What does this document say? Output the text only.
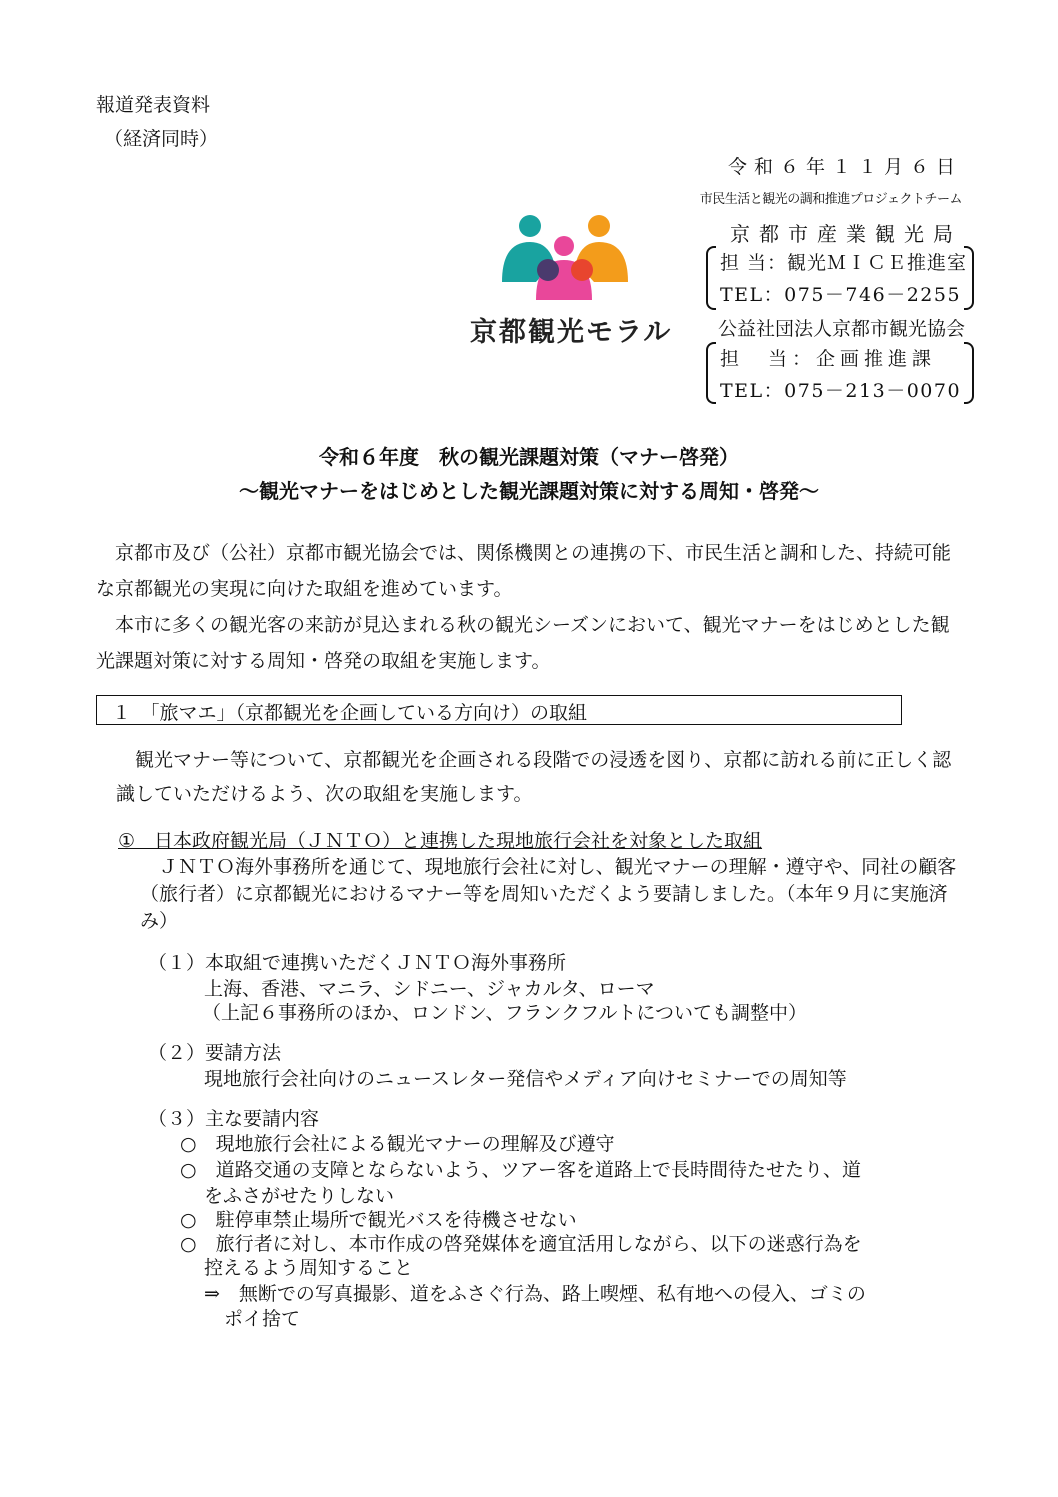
報道発表資料
（経済同時）
令和６年１１月６日
市民生活と観光の調和推進プロジェクトチーム
京都市産業観光局
担 当：観光ＭＩＣＥ推進室
TEL：075－746－2255
公益社団法人京都市観光協会
担　当：企画推進課
TEL：075－213－0070
京都観光モラル
令和６年度　秋の観光課題対策（マナー啓発）
～観光マナーをはじめとした観光課題対策に対する周知・啓発～
　京都市及び（公社）京都市観光協会では、関係機関との連携の下、市民生活と調和した、持続可能な京都観光の実現に向けた取組を進めています。
　本市に多くの観光客の来訪が見込まれる秋の観光シーズンにおいて、観光マナーをはじめとした観光課題対策に対する周知・啓発の取組を実施します。
１　「旅マエ」（京都観光を企画している方向け）の取組
　観光マナー等について、京都観光を企画される段階での浸透を図り、京都に訪れる前に正しく認識していただけるよう、次の取組を実施します。
①　日本政府観光局（ＪＮＴＯ）と連携した現地旅行会社を対象とした取組
　ＪＮＴＯ海外事務所を通じて、現地旅行会社に対し、観光マナーの理解・遵守や、同社の顧客（旅行者）に京都観光におけるマナー等を周知いただくよう要請しました。（本年９月に実施済み）
（１）本取組で連携いただくＪＮＴＯ海外事務所
上海、香港、マニラ、シドニー、ジャカルタ、ローマ
（上記６事務所のほか、ロンドン、フランクフルトについても調整中）
（２）要請方法
現地旅行会社向けのニュースレター発信やメディア向けセミナーでの周知等
（３）主な要請内容
○　現地旅行会社による観光マナーの理解及び遵守
○　道路交通の支障とならないよう、ツアー客を道路上で長時間待たせたり、道
をふさがせたりしない
○　駐停車禁止場所で観光バスを待機させない
○　旅行者に対し、本市作成の啓発媒体を適宜活用しながら、以下の迷惑行為を
控えるよう周知すること
⇒　無断での写真撮影、道をふさぐ行為、路上喫煙、私有地への侵入、ゴミの
ポイ捨て
